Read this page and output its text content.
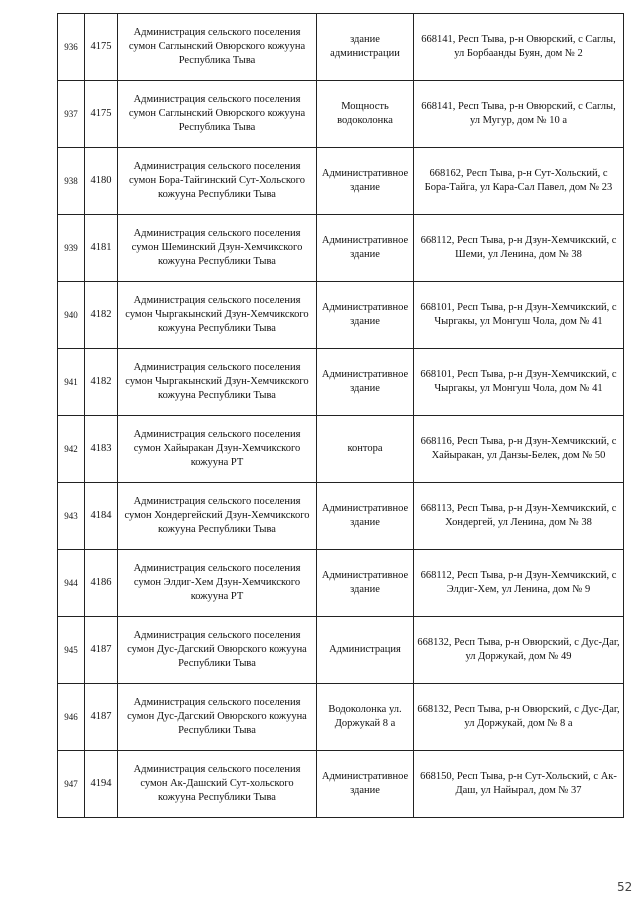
936	4175	Администрация сельского поселения сумон Саглынский Овюрского кожууна Республика Тыва	здание администрации	668141, Респ Тыва, р-н Овюрский, с Саглы, ул Борбаанды Буян, дом № 2
937	4175	Администрация сельского поселения сумон Саглынский Овюрского кожууна Республика Тыва	Мощность водоколонка	668141, Респ Тыва, р-н Овюрский, с Саглы, ул Мугур, дом № 10 а
938	4180	Администрация сельского поселения сумон Бора-Тайгинский Сут-Хольского кожууна Республики Тыва	Административное здание	668162, Респ Тыва, р-н Сут-Хольский, с Бора-Тайга, ул Кара-Сал Павел, дом № 23
939	4181	Администрация сельского поселения сумон Шеминский Дзун-Хемчикского кожууна Республики Тыва	Административное здание	668112, Респ Тыва, р-н Дзун-Хемчикский, с Шеми, ул Ленина, дом № 38
940	4182	Администрация сельского поселения сумон Чыргакынский Дзун-Хемчикского кожууна Республики Тыва	Административное здание	668101, Респ Тыва, р-н Дзун-Хемчикский, с Чыргакы, ул Монгуш Чола, дом № 41
941	4182	Администрация сельского поселения сумон Чыргакынский Дзун-Хемчикского кожууна Республики Тыва	Административное здание	668101, Респ Тыва, р-н Дзун-Хемчикский, с Чыргакы, ул Монгуш Чола, дом № 41
942	4183	Администрация сельского поселения сумон Хайыракан Дзун-Хемчикского кожууна РТ	контора	668116, Респ Тыва, р-н Дзун-Хемчикский, с Хайыракан, ул Данзы-Белек, дом № 50
943	4184	Администрация сельского поселения сумон Хондергейский Дзун-Хемчикского кожууна Республики Тыва	Административное здание	668113, Респ Тыва, р-н Дзун-Хемчикский, с Хондергей, ул Ленина, дом № 38
944	4186	Администрация сельского поселения сумон Элдиг-Хем Дзун-Хемчикского кожууна РТ	Административное здание	668112, Респ Тыва, р-н Дзун-Хемчикский, с Элдиг-Хем, ул Ленина, дом № 9
945	4187	Администрация сельского поселения сумон Дус-Дагский Овюрского кожууна Республики Тыва	Администрация	668132, Респ Тыва, р-н Овюрский, с Дус-Даг, ул Доржукай, дом № 49
946	4187	Администрация сельского поселения сумон Дус-Дагский Овюрского кожууна Республики Тыва	Водоколонка ул. Доржукай 8 а	668132, Респ Тыва, р-н Овюрский, с Дус-Даг, ул Доржукай, дом № 8 а
947	4194	Администрация сельского поселения сумон Ак-Дашский Сут-хольского кожууна Республики Тыва	Административное здание	668150, Респ Тыва, р-н Сут-Хольский, с Ак-Даш, ул Найырал, дом № 37
52
